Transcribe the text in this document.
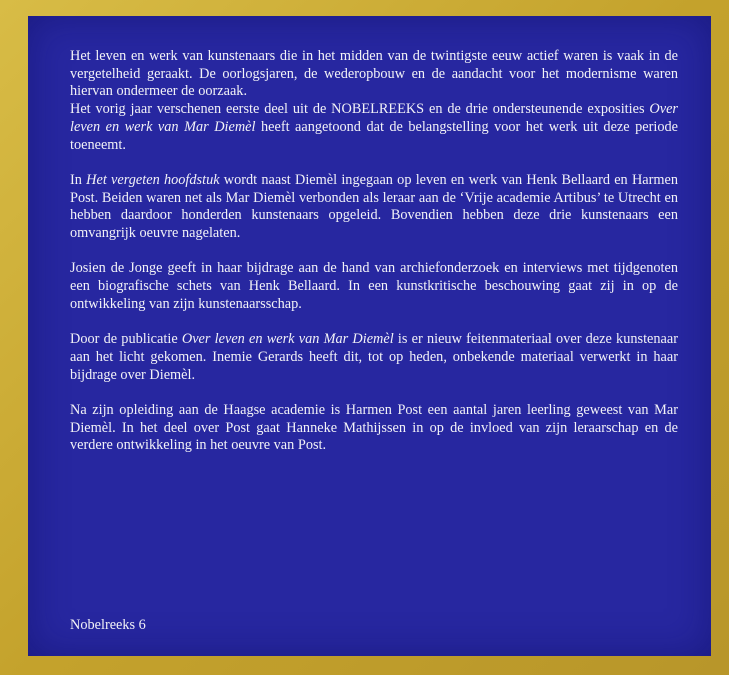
Het leven en werk van kunstenaars die in het midden van de twintigste eeuw actief waren is vaak in de vergetelheid geraakt. De oorlogsjaren, de wederopbouw en de aandacht voor het modernisme waren hiervan ondermeer de oorzaak.

Het vorig jaar verschenen eerste deel uit de NOBELREEKS en de drie ondersteunende exposities Over leven en werk van Mar Diemèl heeft aangetoond dat de belangstelling voor het werk uit deze periode toeneemt.

In Het vergeten hoofdstuk wordt naast Diemèl ingegaan op leven en werk van Henk Bellaard en Harmen Post. Beiden waren net als Mar Diemèl verbonden als leraar aan de ‘Vrije academie Artibus’ te Utrecht en hebben daardoor honderden kunstenaars opgeleid. Bovendien hebben deze drie kunstenaars een omvangrijk oeuvre nagelaten.

Josien de Jonge geeft in haar bijdrage aan de hand van archiefonderzoek en interviews met tijdgenoten een biografische schets van Henk Bellaard. In een kunstkritische beschouwing gaat zij in op de ontwikkeling van zijn kunstenaarsschap.

Door de publicatie Over leven en werk van Mar Diemèl is er nieuw feitenmateriaal over deze kunstenaar aan het licht gekomen. Inemie Gerards heeft dit, tot op heden, onbekende materiaal verwerkt in haar bijdrage over Diemèl.

Na zijn opleiding aan de Haagse academie is Harmen Post een aantal jaren leerling geweest van Mar Diemèl. In het deel over Post gaat Hanneke Mathijssen in op de invloed van zijn leraarschap en de verdere ontwikkeling in het oeuvre van Post.

Nobelreeks 6
